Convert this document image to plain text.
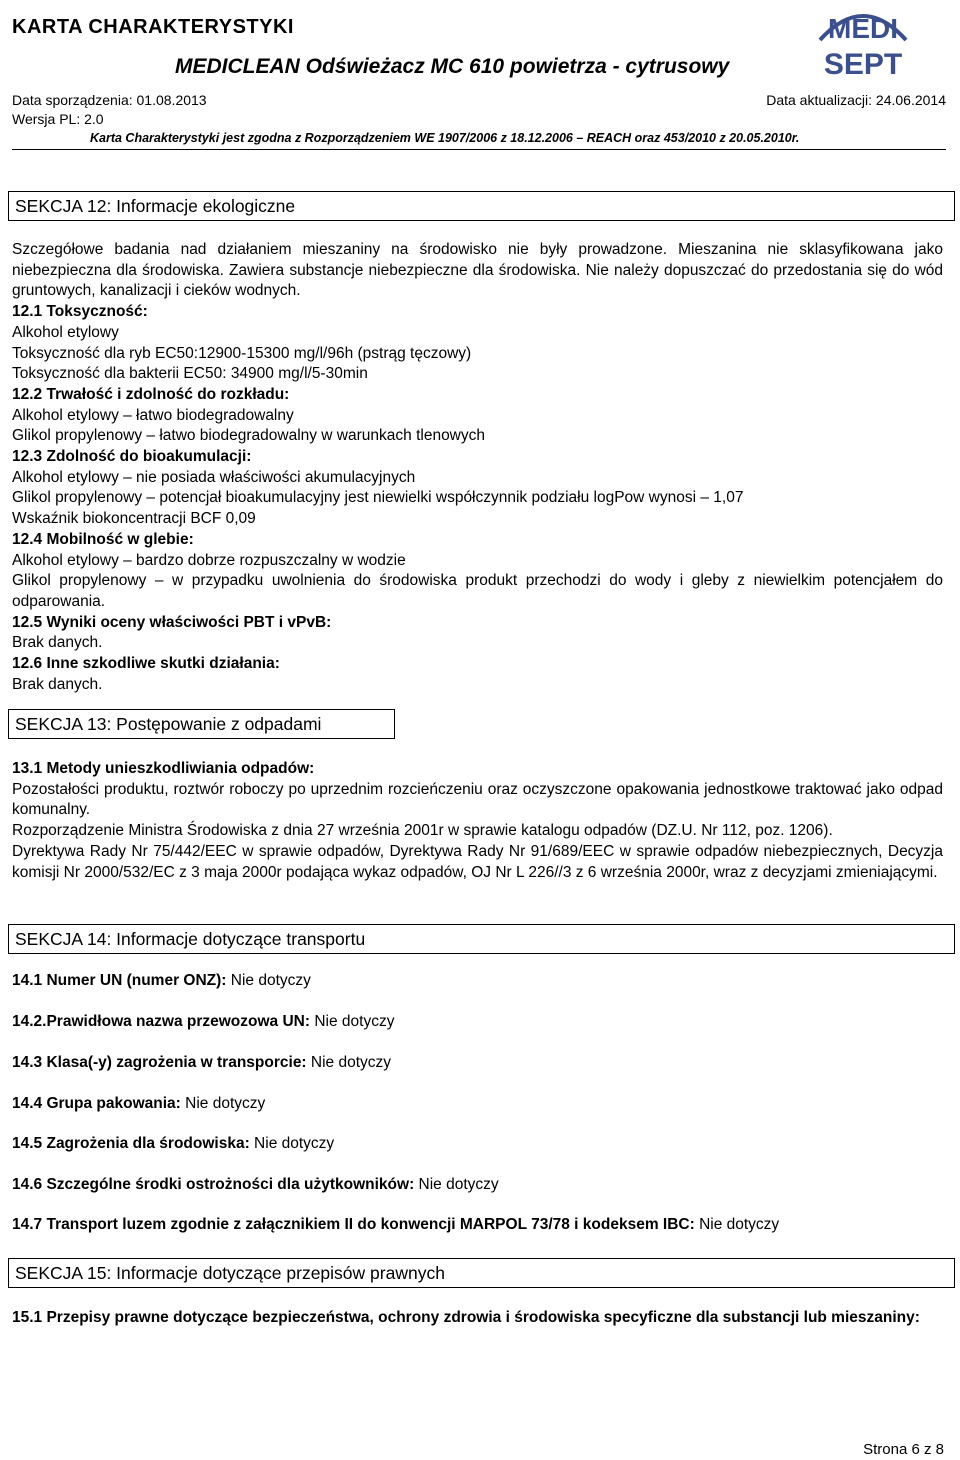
KARTA CHARAKTERYSTYKI
MEDICLEAN Odświeżacz MC 610 powietrza - cytrusowy
Data sporządzenia: 01.08.2013	Data aktualizacji: 24.06.2014
Wersja PL: 2.0
Karta Charakterystyki jest zgodna z Rozporządzeniem WE 1907/2006 z 18.12.2006 – REACH oraz 453/2010 z 20.05.2010r.
MEDI
SEPT
SEKCJA 12: Informacje ekologiczne
Szczegółowe badania nad działaniem mieszaniny na środowisko nie były prowadzone. Mieszanina nie sklasyfikowana jako niebezpieczna dla środowiska. Zawiera substancje niebezpieczne dla środowiska. Nie należy dopuszczać do przedostania się do wód gruntowych, kanalizacji i cieków wodnych.
12.1 Toksyczność:
Alkohol etylowy
Toksyczność dla ryb EC50:12900-15300 mg/l/96h (pstrąg tęczowy)
Toksyczność dla bakterii EC50: 34900 mg/l/5-30min
12.2 Trwałość i zdolność do rozkładu:
Alkohol etylowy – łatwo biodegradowalny
Glikol propylenowy – łatwo biodegradowalny w warunkach tlenowych
12.3 Zdolność do bioakumulacji:
Alkohol etylowy – nie posiada właściwości akumulacyjnych
Glikol propylenowy – potencjał bioakumulacyjny jest niewielki współczynnik podziału logPow wynosi – 1,07
Wskaźnik biokoncentracji BCF 0,09
12.4 Mobilność w glebie:
Alkohol etylowy – bardzo dobrze rozpuszczalny w wodzie
Glikol propylenowy – w przypadku uwolnienia do środowiska produkt przechodzi do wody i gleby z niewielkim potencjałem do odparowania.
12.5 Wyniki oceny właściwości PBT i vPvB:
Brak danych.
12.6 Inne szkodliwe skutki działania:
Brak danych.
SEKCJA 13: Postępowanie z odpadami
13.1 Metody unieszkodliwiania odpadów:
Pozostałości produktu, roztwór roboczy po uprzednim rozcieńczeniu oraz oczyszczone opakowania jednostkowe traktować jako odpad komunalny.
Rozporządzenie Ministra Środowiska z dnia 27 września 2001r w sprawie katalogu odpadów (DZ.U. Nr 112, poz. 1206).
Dyrektywa Rady Nr 75/442/EEC w sprawie odpadów, Dyrektywa Rady Nr 91/689/EEC w sprawie odpadów niebezpiecznych, Decyzja komisji Nr 2000/532/EC z 3 maja 2000r podająca wykaz odpadów, OJ Nr L 226//3 z 6 września 2000r, wraz z decyzjami zmieniającymi.
SEKCJA 14: Informacje dotyczące transportu
14.1 Numer UN (numer ONZ): Nie dotyczy
14.2.Prawidłowa nazwa przewozowa UN: Nie dotyczy
14.3 Klasa(-y) zagrożenia w transporcie: Nie dotyczy
14.4 Grupa pakowania: Nie dotyczy
14.5 Zagrożenia dla środowiska: Nie dotyczy
14.6 Szczególne środki ostrożności dla użytkowników: Nie dotyczy
14.7 Transport luzem zgodnie z załącznikiem II do konwencji MARPOL 73/78 i kodeksem IBC: Nie dotyczy
SEKCJA 15: Informacje dotyczące przepisów prawnych
15.1 Przepisy prawne dotyczące bezpieczeństwa, ochrony zdrowia i środowiska specyficzne dla substancji lub mieszaniny:
Strona 6 z 8
